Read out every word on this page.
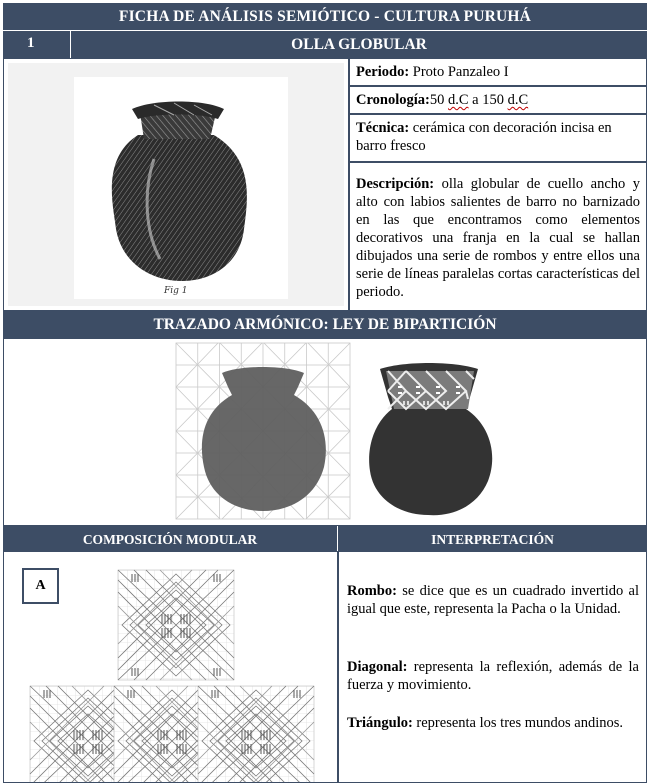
FICHA DE ANÁLISIS SEMIÓTICO - CULTURA PURUHÁ
1	OLLA GLOBULAR
Fig 1
Periodo: Proto Panzaleo I
Cronología:50 d.C a 150 d.C
Técnica: cerámica con decoración incisa en barro fresco
Descripción: olla globular de cuello ancho y alto con labios salientes de barro no barnizado en las que encontramos como elementos decorativos una franja en la cual se hallan dibujados una serie de rombos y entre ellos una serie de líneas paralelas cortas características del periodo.
TRAZADO ARMÓNICO: LEY DE BIPARTICIÓN
COMPOSICIÓN MODULAR	INTERPRETACIÓN
A	Rombo: se dice que es un cuadrado invertido al igual que este, representa la Pacha o la Unidad.
Diagonal: representa la reflexión, además de la fuerza y movimiento.
Triángulo: representa los tres mundos andinos.
